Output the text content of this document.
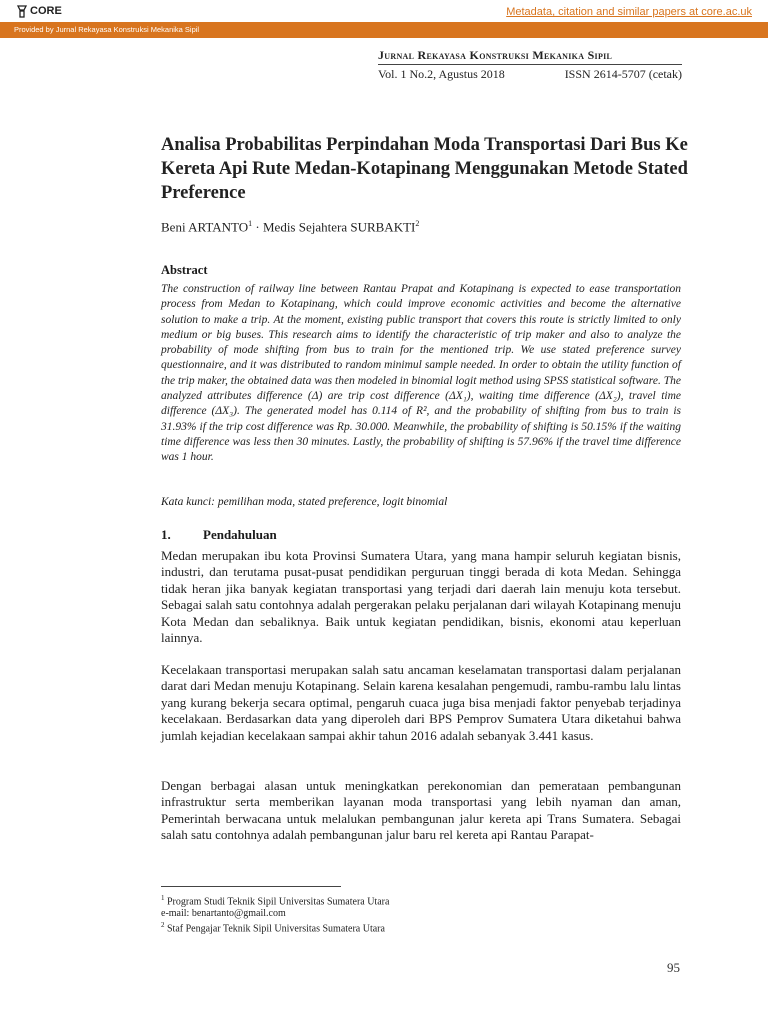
CORE	Metadata, citation and similar papers at core.ac.uk
Provided by Jurnal Rekayasa Konstruksi Mekanika Sipil
Jurnal Rekayasa Konstruksi Mekanika Sipil
Vol. 1 No.2, Agustus 2018	ISSN 2614-5707 (cetak)
Analisa Probabilitas Perpindahan Moda Transportasi Dari Bus Ke Kereta Api Rute Medan-Kotapinang Menggunakan Metode Stated Preference
Beni $ARTANTO^1$ · Medis Sejahtera SURBAKTI$^2$
Abstract
The construction of railway line between Rantau Prapat and Kotapinang is expected to ease transportation process from Medan to Kotapinang, which could improve economic activities and become the alternative solution to make a trip. At the moment, existing public transport that covers this route is strictly limited to only medium or big buses. This research aims to identify the characteristic of trip maker and also to analyze the probability of mode shifting from bus to train for the mentioned trip. We use stated preference survey questionnaire, and it was distributed to random minimul sample needed. In order to obtain the utility function of the trip maker, the obtained data was then modeled in binomial logit method using SPSS statistical software. The analyzed attributes difference (Δ) are trip cost difference (ΔX₁), waiting time difference (ΔX₂), travel time difference (ΔX₃). The generated model has 0.114 of R², and the probability of shifting from bus to train is 31.93% if the trip cost difference was Rp. 30.000. Meanwhile, the probability of shifting is 50.15% if the waiting time difference was less then 30 minutes. Lastly, the probability of shifting is 57.96% if the travel time difference was 1 hour.
Kata kunci: pemilihan moda, stated preference, logit binomial
1. Pendahuluan
Medan merupakan ibu kota Provinsi Sumatera Utara, yang mana hampir seluruh kegiatan bisnis, industri, dan terutama pusat-pusat pendidikan perguruan tinggi berada di kota Medan. Sehingga tidak heran jika banyak kegiatan transportasi yang terjadi dari daerah lain menuju kota tersebut. Sebagai salah satu contohnya adalah pergerakan pelaku perjalanan dari wilayah Kotapinang menuju Kota Medan dan sebaliknya. Baik untuk kegiatan pendidikan, bisnis, ekonomi atau keperluan lainnya.
Kecelakaan transportasi merupakan salah satu ancaman keselamatan transportasi dalam perjalanan darat dari Medan menuju Kotapinang. Selain karena kesalahan pengemudi, rambu-rambu lalu lintas yang kurang bekerja secara optimal, pengaruh cuaca juga bisa menjadi faktor penyebab terjadinya kecelakaan. Berdasarkan data yang diperoleh dari BPS Pemprov Sumatera Utara diketahui bahwa jumlah kejadian kecelakaan sampai akhir tahun 2016 adalah sebanyak 3.441 kasus.
Dengan berbagai alasan untuk meningkatkan perekonomian dan pemerataan pembangunan infrastruktur serta memberikan layanan moda transportasi yang lebih nyaman dan aman, Pemerintah berwacana untuk melalukan pembangunan jalur kereta api Trans Sumatera. Sebagai salah satu contohnya adalah pembangunan jalur baru rel kereta api Rantau Parapat-
$^1$ Program Studi Teknik Sipil Universitas Sumatera Utara
e-mail: benartanto@gmail.com
$^2$ Staf Pengajar Teknik Sipil Universitas Sumatera Utara
95
